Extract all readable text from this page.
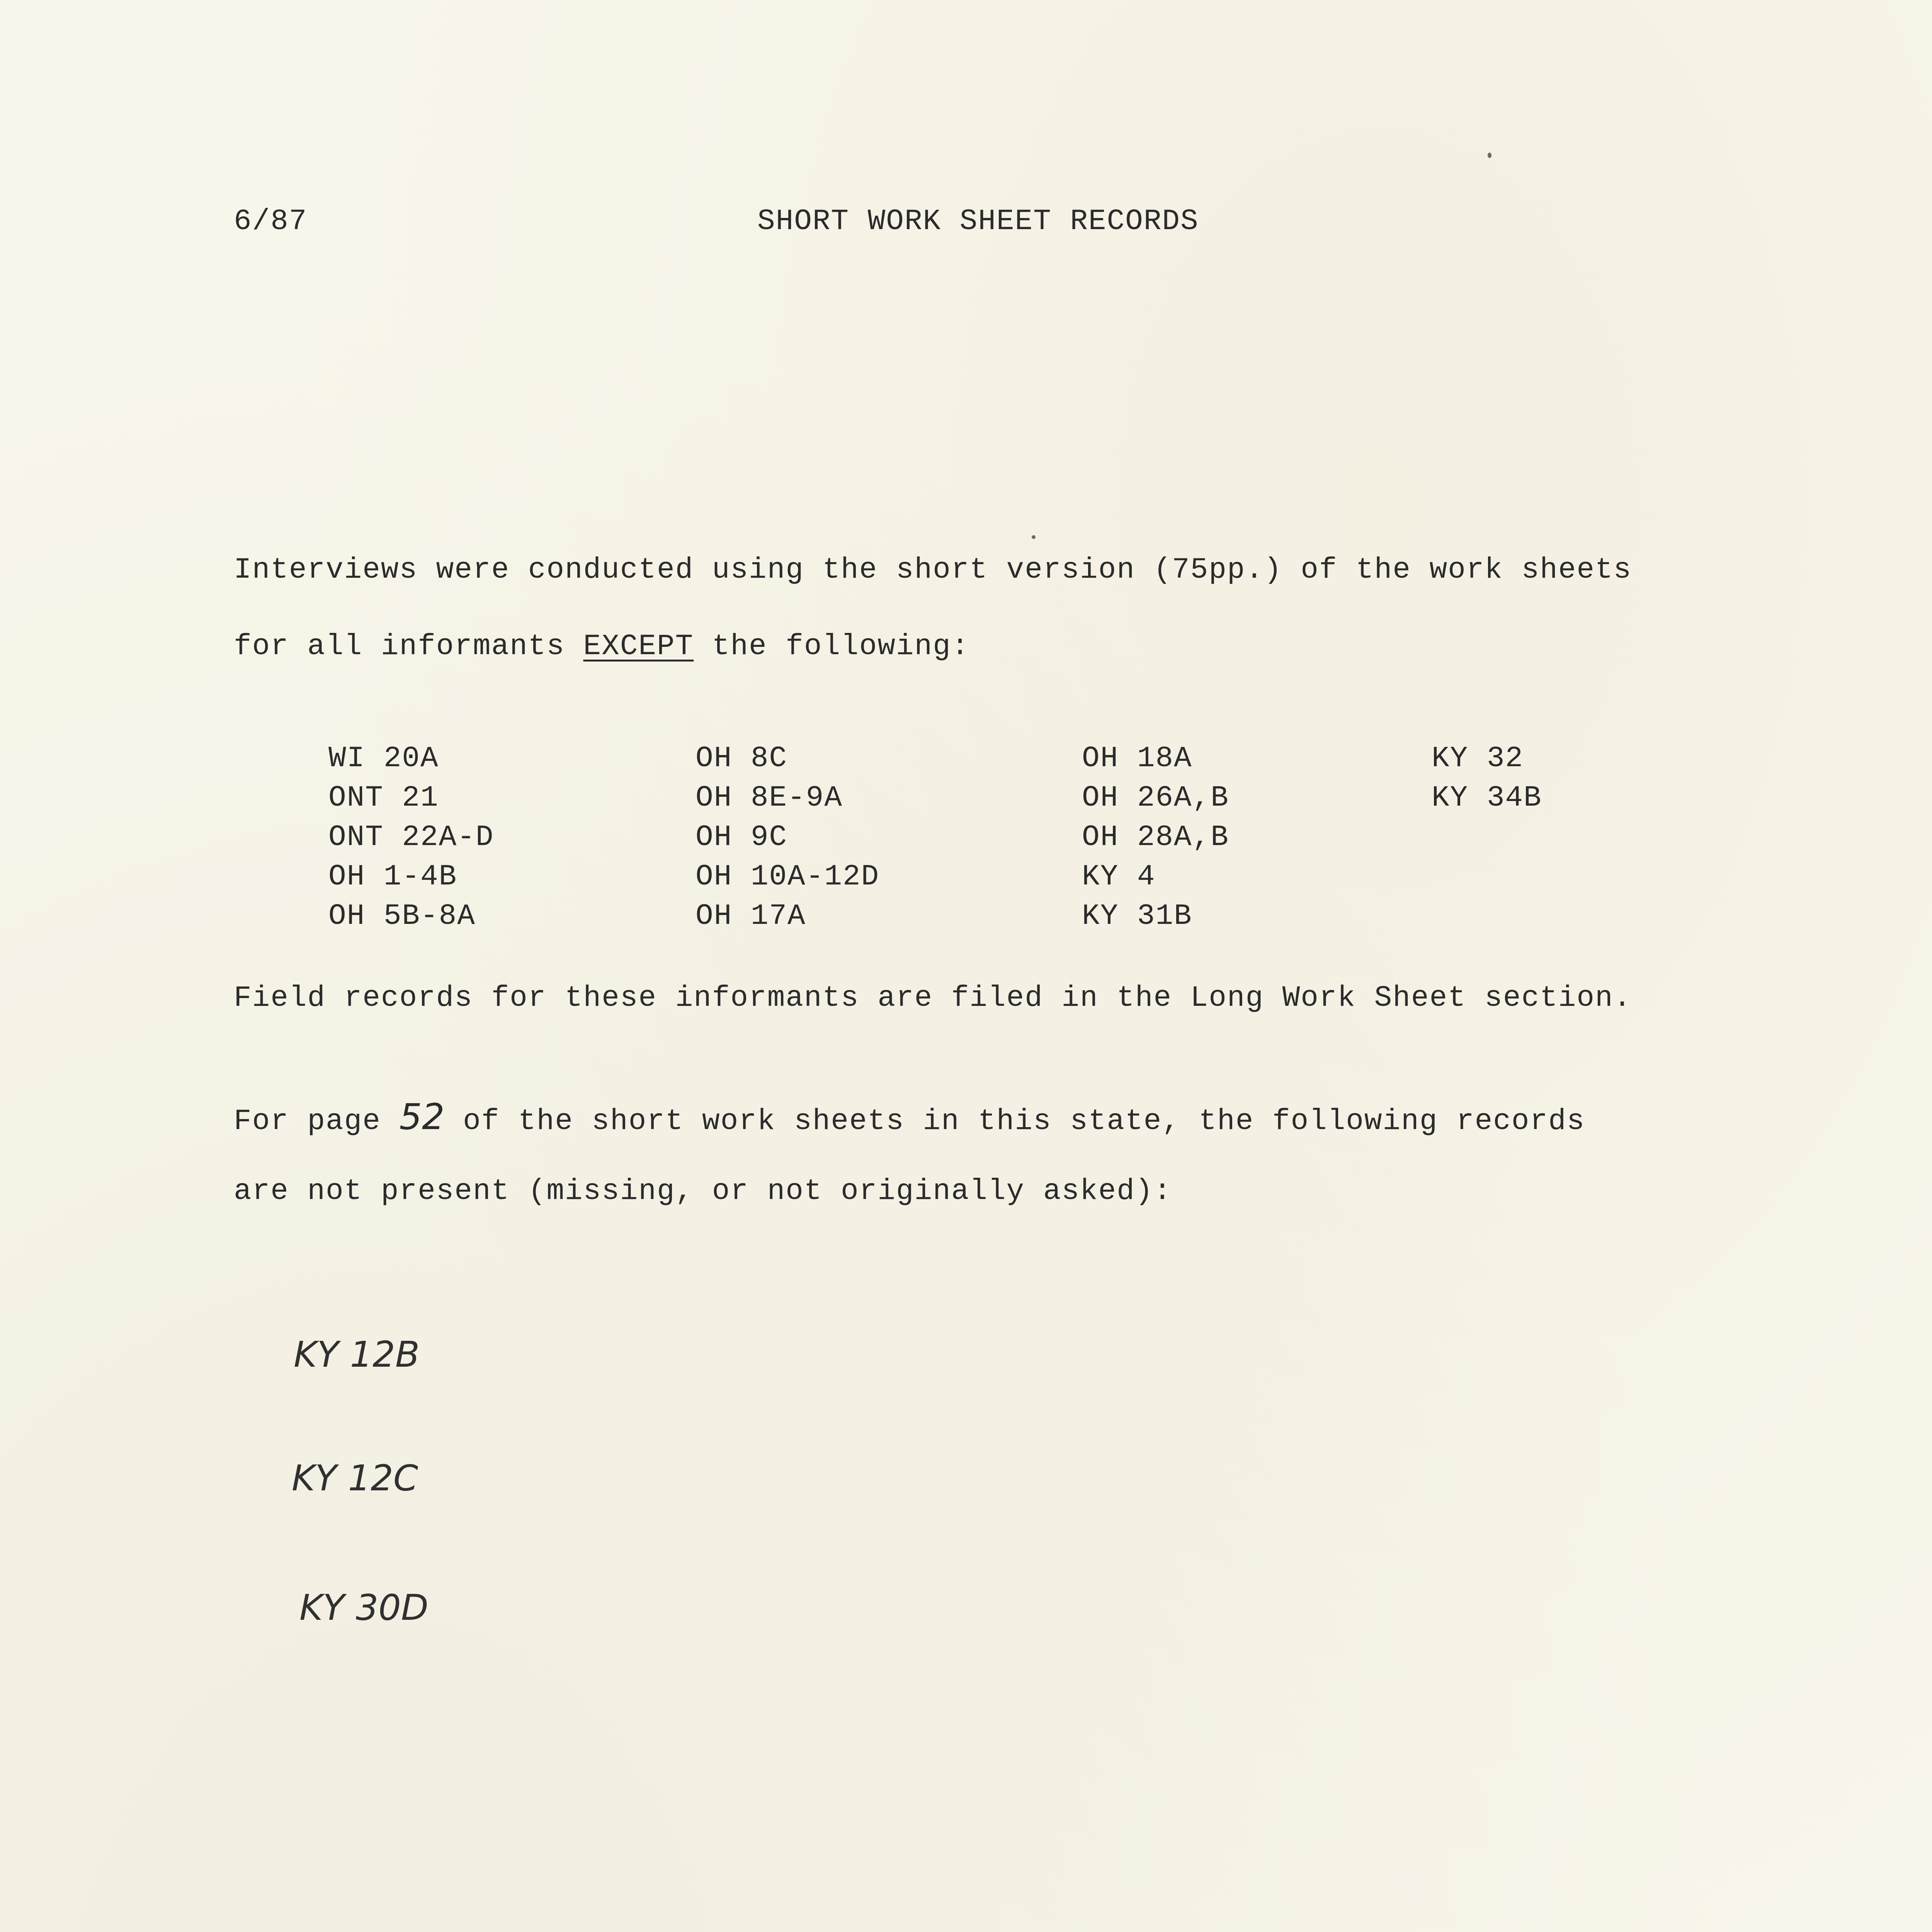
6/87	SHORT WORK SHEET RECORDS
Interviews were conducted using the short version (75pp.) of the work sheets
for all informants EXCEPT the following:
WI 20A
ONT 21
ONT 22A-D
OH 1-4B
OH 5B-8A
OH 8C
OH 8E-9A
OH 9C
OH 10A-12D
OH 17A
OH 18A
OH 26A,B
OH 28A,B
KY 4
KY 31B
KY 32
KY 34B
Field records for these informants are filed in the Long Work Sheet section.
For page 52 of the short work sheets in this state, the following records
are not present (missing, or not originally asked):
KY 12B
KY 12C
KY 30D
